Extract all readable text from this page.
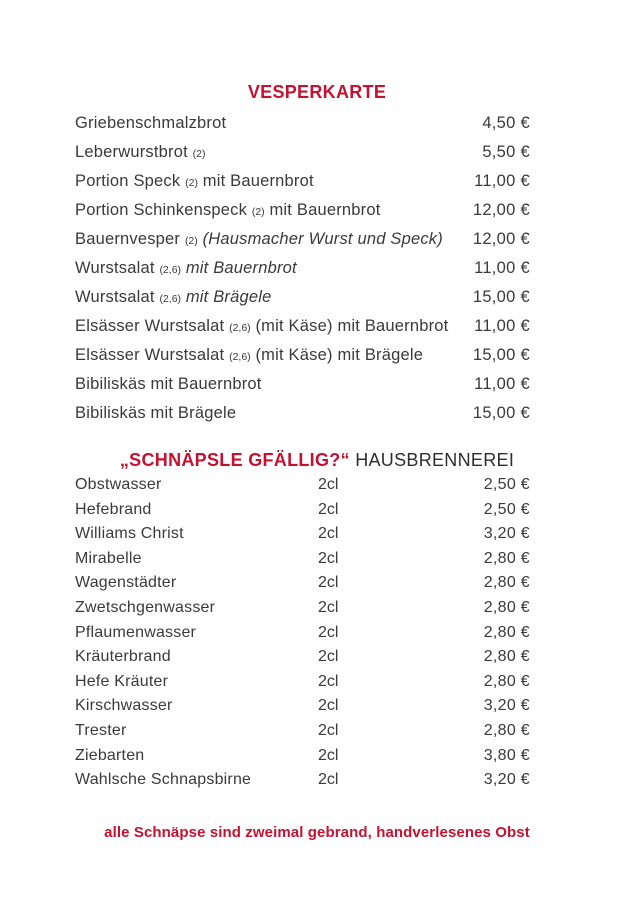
VESPERKARTE
Griebenschmalzbrot	4,50 €
Leberwurstbrot (2)	5,50 €
Portion Speck (2) mit Bauernbrot	11,00 €
Portion Schinkenspeck (2) mit Bauernbrot	12,00 €
Bauernvesper (2) (Hausmacher Wurst und Speck)	12,00 €
Wurstsalat (2,6) mit Bauernbrot	11,00 €
Wurstsalat (2,6) mit Brägele	15,00 €
Elsässer Wurstsalat (2,6) (mit Käse) mit Bauernbrot	11,00 €
Elsässer Wurstsalat (2,6) (mit Käse) mit Brägele	15,00 €
Bibiliskäs mit Bauernbrot	11,00 €
Bibiliskäs mit Brägele	15,00 €
„SCHNÄPSLE GFÄLLIG?“ HAUSBRENNEREI
Obstwasser	2cl	2,50 €
Hefebrand	2cl	2,50 €
Williams Christ	2cl	3,20 €
Mirabelle	2cl	2,80 €
Wagenstädter	2cl	2,80 €
Zwetschgenwasser	2cl	2,80 €
Pflaumenwasser	2cl	2,80 €
Kräuterbrand	2cl	2,80 €
Hefe Kräuter	2cl	2,80 €
Kirschwasser	2cl	3,20 €
Trester	2cl	2,80 €
Ziebarten	2cl	3,80 €
Wahlsche Schnapsbirne	2cl	3,20 €
alle Schnäpse sind zweimal gebrand, handverlesenes Obst
